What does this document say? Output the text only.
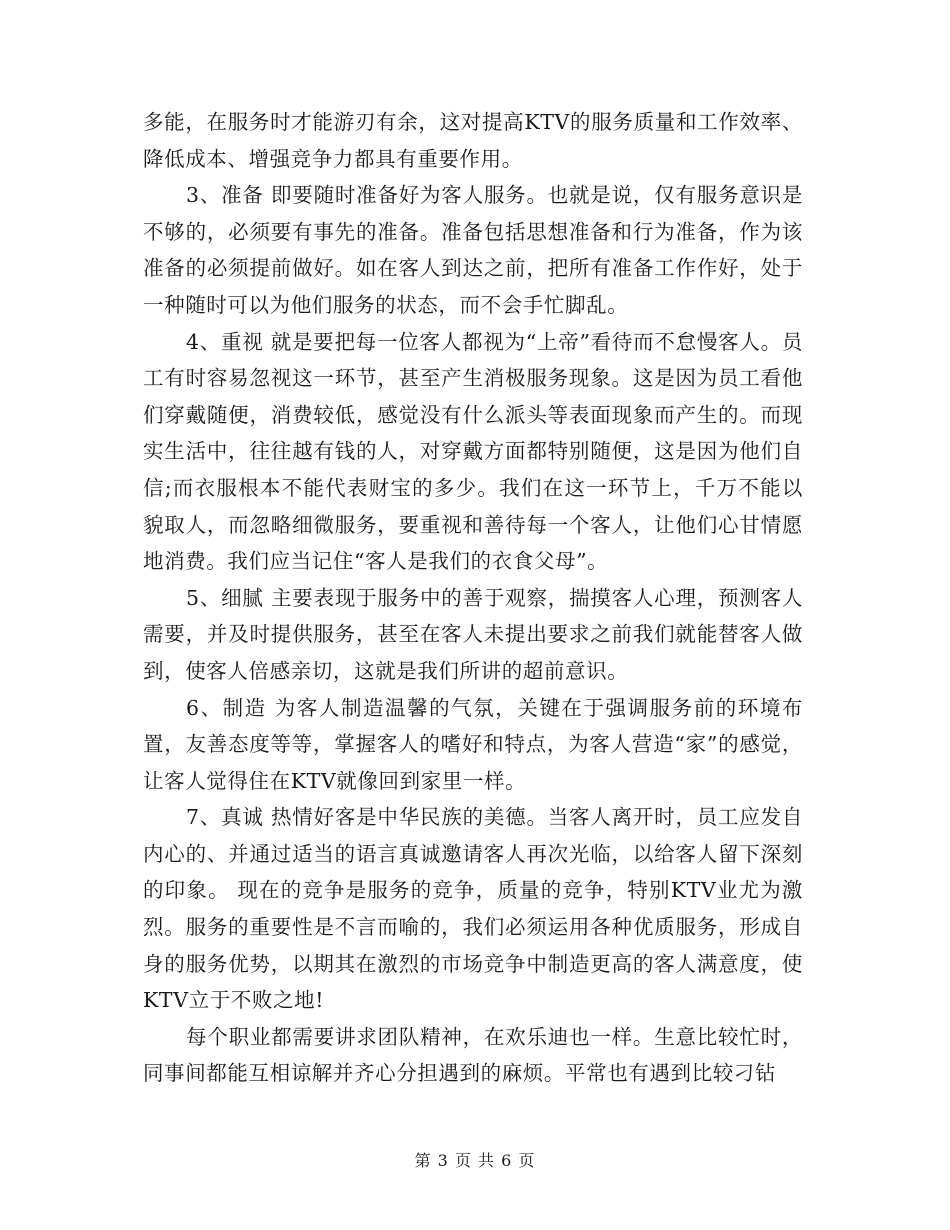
多能，在服务时才能游刃有余，这对提高KTV的服务质量和工作效率、降低成本、增强竞争力都具有重要作用。

3、准备 即要随时准备好为客人服务。也就是说，仅有服务意识是不够的，必须要有事先的准备。准备包括思想准备和行为准备，作为该准备的必须提前做好。如在客人到达之前，把所有准备工作作好，处于一种随时可以为他们服务的状态，而不会手忙脚乱。

4、重视 就是要把每一位客人都视为“上帝”看待而不怠慢客人。员工有时容易忽视这一环节，甚至产生消极服务现象。这是因为员工看他们穿戴随便，消费较低，感觉没有什么派头等表面现象而产生的。而现实生活中，往往越有钱的人，对穿戴方面都特别随便，这是因为他们自信;而衣服根本不能代表财宝的多少。我们在这一环节上，千万不能以貌取人，而忽略细微服务，要重视和善待每一个客人，让他们心甘情愿地消费。我们应当记住“客人是我们的衣食父母”。

5、细腻 主要表现于服务中的善于观察，揣摸客人心理，预测客人需要，并及时提供服务，甚至在客人未提出要求之前我们就能替客人做到，使客人倍感亲切，这就是我们所讲的超前意识。

6、制造 为客人制造温馨的气氛，关键在于强调服务前的环境布置，友善态度等等，掌握客人的嗜好和特点，为客人营造“家”的感觉，让客人觉得住在KTV就像回到家里一样。

7、真诚 热情好客是中华民族的美德。当客人离开时，员工应发自内心的、并通过适当的语言真诚邀请客人再次光临，以给客人留下深刻的印象。 现在的竞争是服务的竞争，质量的竞争，特别KTV业尤为激烈。服务的重要性是不言而喻的，我们必须运用各种优质服务，形成自身的服务优势，以期其在激烈的市场竞争中制造更高的客人满意度，使KTV立于不败之地!

每个职业都需要讲求团队精神，在欢乐迪也一样。生意比较忙时，同事间都能互相谅解并齐心分担遇到的麻烦。平常也有遇到比较刁钻

第 3 页 共 6 页
